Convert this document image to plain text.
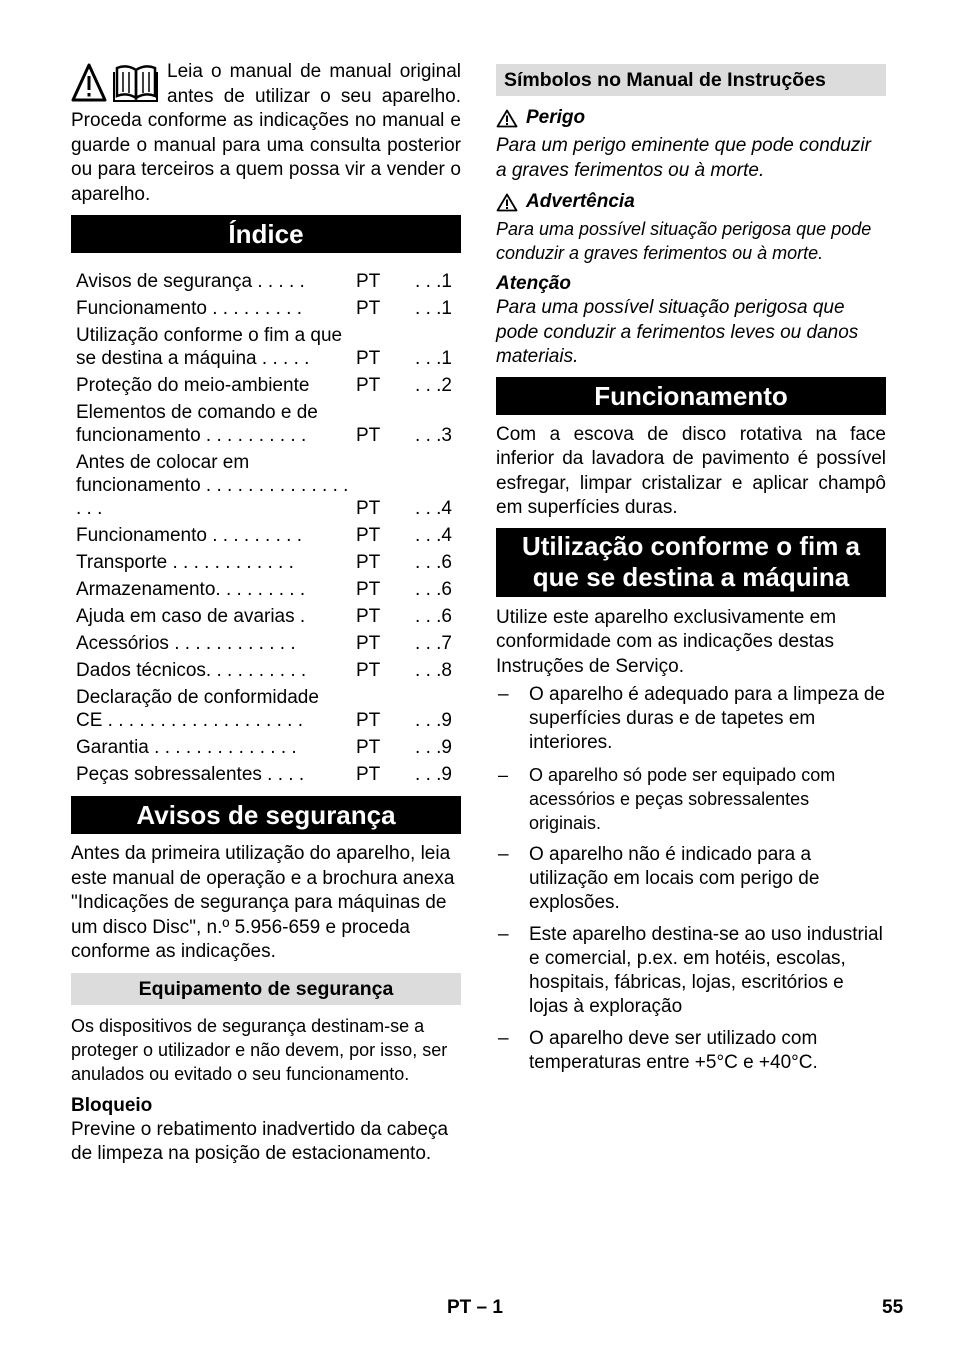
Leia o manual de manual original antes de utilizar o seu aparelho. Proceda conforme as indicações no manual e guarde o manual para uma consulta posterior ou para terceiros a quem possa vir a vender o aparelho.

Índice
Avisos de segurança . . . . .	PT	. . .1
Funcionamento . . . . . . . . .	PT	. . .1
Utilização conforme o fim a que se destina a máquina . . . . .	PT	. . .1
Proteção do meio-ambiente	PT	. . .2
Elementos de comando e de funcionamento . . . . . . . . . .	PT	. . .3
Antes de colocar em funcionamento . . . . . . . . . . . . . . . . .	PT	. . .4
Funcionamento . . . . . . . . .	PT	. . .4
Transporte . . . . . . . . . . . .	PT	. . .6
Armazenamento. . . . . . . . .	PT	. . .6
Ajuda em caso de avarias .	PT	. . .6
Acessórios . . . . . . . . . . . .	PT	. . .7
Dados técnicos. . . . . . . . . .	PT	. . .8
Declaração de conformidade CE . . . . . . . . . . . . . . . . . . .	PT	. . .9
Garantia . . . . . . . . . . . . . .	PT	. . .9
Peças sobressalentes . . . .	PT	. . .9
Avisos de segurança

Antes da primeira utilização do aparelho, leia este manual de operação e a brochura anexa "Indicações de segurança para máquinas de um disco Disc", n.º 5.956-659 e proceda conforme as indicações.

Equipamento de segurança

Os dispositivos de segurança destinam-se a proteger o utilizador e não devem, por isso, ser anulados ou evitado o seu funcionamento.

Bloqueio

Previne o rebatimento inadvertido da cabeça de limpeza na posição de estacionamento.

Símbolos no Manual de Instruções
Perigo

Para um perigo eminente que pode conduzir a graves ferimentos ou à morte.

Advertência

Para uma possível situação perigosa que pode conduzir a graves ferimentos ou à morte.

Atenção

Para uma possível situação perigosa que pode conduzir a ferimentos leves ou danos materiais.

Funcionamento

Com a escova de disco rotativa na face inferior da lavadora de pavimento é possível esfregar, limpar cristalizar e aplicar champô em superfícies duras.

Utilização conforme o fim a que se destina a máquina

Utilize este aparelho exclusivamente em conformidade com as indicações destas Instruções de Serviço.

– O aparelho é adequado para a limpeza de superfícies duras e de tapetes em interiores.
– O aparelho só pode ser equipado com acessórios e peças sobressalentes originais.
– O aparelho não é indicado para a utilização em locais com perigo de explosões.
– Este aparelho destina-se ao uso industrial e comercial, p.ex. em hotéis, escolas, hospitais, fábricas, lojas, escritórios e lojas à exploração
– O aparelho deve ser utilizado com temperaturas entre +5°C e +40°C.
PT – 1	55
